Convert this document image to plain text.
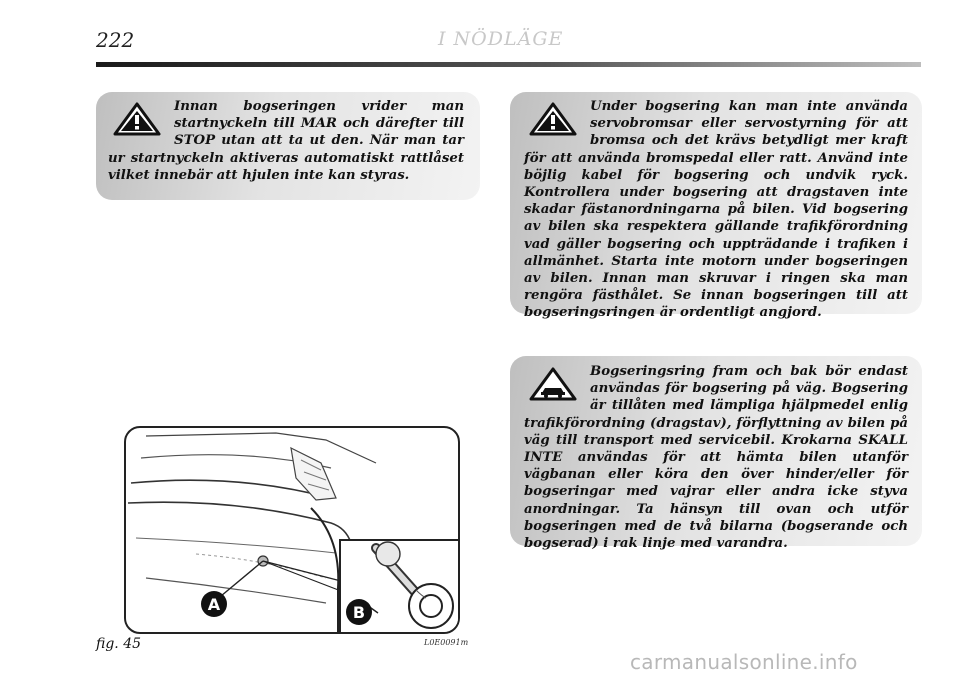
222	I NÖDLÄGE

Innan bogseringen vrider man startnyckeln till MAR och därefter till STOP utan att ta ut den. När man tar ur startnyckeln aktiveras automatiskt rattlåset vilket innebär att hjulen inte kan styras.

Under bogsering kan man inte använda servobromsar eller servostyrning för att bromsa och det krävs betydligt mer kraft för att använda bromspedal eller ratt. Använd inte böjlig kabel för bogsering och undvik ryck. Kontrollera under bogsering att dragstaven inte skadar fästanordningarna på bilen. Vid bogsering av bilen ska respektera gällande trafikförordning vad gäller bogsering och uppträdande i trafiken i allmänhet. Starta inte motorn under bogseringen av bilen. Innan man skruvar i ringen ska man rengöra fästhålet. Se innan bogseringen till att bogseringsringen är ordentligt angjord.

Bogseringsring fram och bak bör endast användas för bogsering på väg. Bogsering är tillåten med lämpliga hjälpmedel enlig trafikförordning (dragstav), förflyttning av bilen på väg till transport med servicebil. Krokarna SKALL INTE användas för att hämta bilen utanför vägbanan eller köra den över hinder/eller för bogseringar med vajrar eller andra icke styva anordningar. Ta hänsyn till ovan och utför bogseringen med de två bilarna (bogserande och bogserad) i rak linje med varandra.

A	B
fig. 45	L0E0091m
carmanualsonline.info
